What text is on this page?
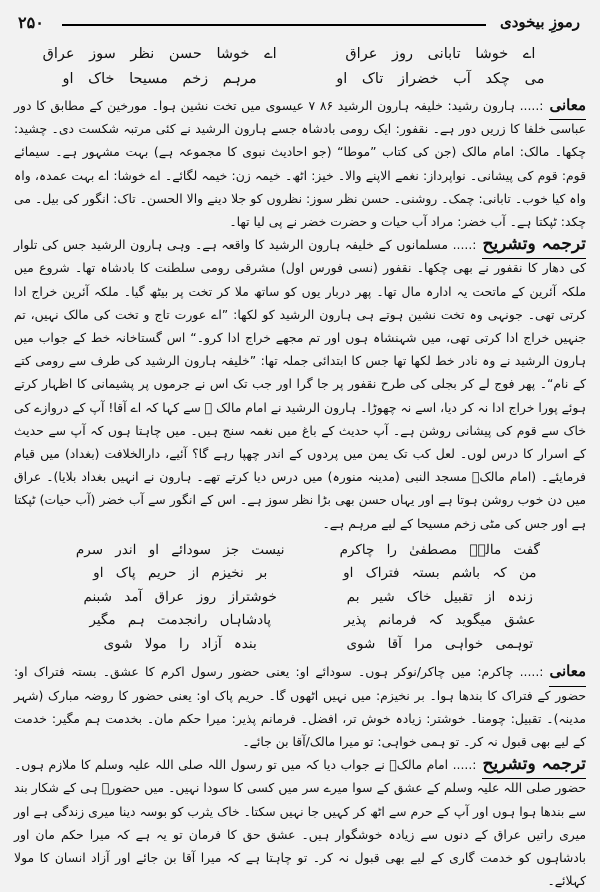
رموزِ بیخودی
۲۵۰
اے خوشا تابانی روز عراق
اے خوشا حسن نظر سوز عراق
می چکد آب خضراز تاک او
مرہم زخم مسیحا خاک او

معانی:..... ہارون رشید: خلیفہ ہارون الرشید ۸۶ ۷ عیسوی میں تخت نشین ہوا۔ مورخین کے مطابق کا دور عباسی خلفا کا زریں دور ہے۔ نقفور: ایک رومی بادشاہ جسے ہارون الرشید نے کئی مرتبہ شکست دی۔ چشید: چکھا۔ مالک: امام مالک (جن کی کتاب ”موطا“ (جو احادیث نبوی کا مجموعہ ہے) بہت مشہور ہے۔ سیمائے قوم: قوم کی پیشانی۔ نواپرداز: نغمے الاپنے والا۔ خیز: اٹھ۔ خیمہ زن: خیمہ لگائے۔ اے خوشا: اے بہت عمدہ، واہ واہ کیا خوب۔ تابانی: چمک۔ روشنی۔ حسن نظر سوز: نظروں کو جلا دینے والا الحسن۔ تاک: انگور کی بیل۔ می چکد: ٹپکتا ہے۔ آب خضر: مراد آب حیات و حضرت خضر نے پی لیا تھا۔

ترجمہ وتشریح:..... مسلمانوں کے خلیفہ ہارون الرشید کا واقعہ ہے۔ وہی ہارون الرشید جس کی تلوار کی دھار کا نقفور نے بھی چکھا۔ نقفور (نسی فورس اول) مشرقی رومی سلطنت کا بادشاہ تھا۔ شروع میں ملکہ آئرین کے ماتحت یہ ادارہ مال تھا۔ پھر دربار یوں کو ساتھ ملا کر تخت پر بیٹھ گیا۔ ملکہ آئرین خراج ادا کرتی تھی۔ جونہی وہ تخت نشین ہوتے ہی ہارون الرشید کو لکھا: ”اے عورت تاج و تخت کی مالک نہیں، تم جنہیں خراج ادا کرتی تھی، میں شہنشاہ ہوں اور تم مجھے خراج ادا کرو۔“ اس گستاخانہ خط کے جواب میں ہارون الرشید نے وہ نادر خط لکھا تھا جس کا ابتدائی جملہ تھا: ”خلیفہ ہارون الرشید کی طرف سے رومی کتے کے نام“۔ پھر فوج لے کر بجلی کی طرح نقفور پر جا گرا اور جب تک اس نے جرموں پر پشیمانی کا اظہار کرتے ہوئے پورا خراج ادا نہ کر دیا، اسے نہ چھوڑا۔ ہارون الرشید نے امام مالک ؒ سے کہا کہ اے آقا! آپ کے دروازے کی خاک سے قوم کی پیشانی روشن ہے۔ آپ حدیث کے باغ میں نغمہ سنج ہیں۔ میں چاہتا ہوں کہ آپ سے حدیث کے اسرار کا درس لوں۔ لعل کب تک یمن میں پردوں کے اندر چھپا رہے گا؟ آئیے، دارالخلافت (بغداد) میں قیام فرمایئے۔ (امام مالکؒ مسجد النبی (مدینہ منورہ) میں درس دیا کرتے تھے۔ ہارون نے انہیں بغداد بلایا)۔ عراق میں دن خوب روشن ہوتا ہے اور یہاں حسن بھی بڑا نظر سوز ہے۔ اس کے انگور سے آب خضر (آب حیات) ٹپکتا ہے اور جس کی مٹی زخم مسیحا کے لیے مرہم ہے۔

گفت مالکؒ مصطفیٰ را چاکرم
نیست جز سودائے او اندر سرم
من کہ باشم بستہ فتراک او
بر نخیزم از حریم پاک او
زندہ از تقبیل خاک شیر بم
خوشتراز روز عراق آمد شبنم
عشق میگوید کہ فرمانم پذیر
پادشاہاں رانجدمت ہم مگیر
توہمی خواہی مرا آقا شوی
بندہ آزاد را مولا شوی

معانی:..... چاکرم: میں چاکر/نوکر ہوں۔ سودائے او: یعنی حضور رسول اکرم کا عشق۔ بستہ فتراک او: حضور کے فتراک کا بندھا ہوا۔ بر نخیزم: میں نہیں اٹھوں گا۔ حریم پاک او: یعنی حضور کا روضہ مبارک (شہر مدینہ)۔ تقبیل: چومنا۔ خوشتر: زیادہ خوش تر، افضل۔ فرمانم پذیر: میرا حکم مان۔ بخدمت ہم مگیر: خدمت کے لیے بھی قبول نہ کر۔ تو ہمی خواہی: تو میرا مالک/آقا بن جائے۔

ترجمہ وتشریح:..... امام مالکؒ نے جواب دیا کہ میں تو رسول اللہ صلی اللہ علیہ وسلم کا ملازم ہوں۔ حضور صلی اللہ علیہ وسلم کے عشق کے سوا میرے سر میں کسی کا سودا نہیں۔ میں حضورؐ ہی کے شکار بند سے بندھا ہوا ہوں اور آپ کے حرم سے اٹھ کر کہیں جا نہیں سکتا۔ خاک یثرب کو بوسہ دینا میری زندگی ہے اور میری راتیں عراق کے دنوں سے زیادہ خوشگوار ہیں۔ عشق حق کا فرمان تو یہ ہے کہ میرا حکم مان اور بادشاہوں کو خدمت گاری کے لیے بھی قبول نہ کر۔ تو چاہتا ہے کہ میرا آقا بن جائے اور آزاد انسان کا مولا کہلائے۔
